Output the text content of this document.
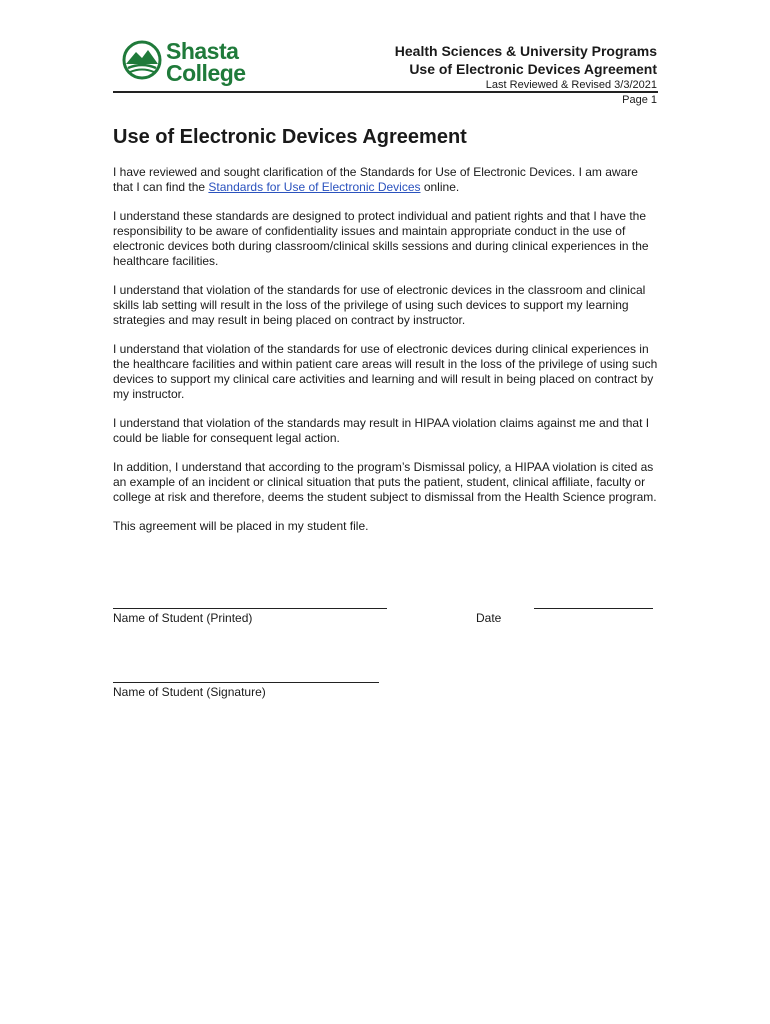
Shasta
College
Health Sciences & University Programs
Use of Electronic Devices Agreement
Last Reviewed & Revised 3/3/2021
Page 1
Use of Electronic Devices Agreement

I have reviewed and sought clarification of the Standards for Use of Electronic Devices. I am aware that I can find the Standards for Use of Electronic Devices online.

I understand these standards are designed to protect individual and patient rights and that I have the responsibility to be aware of confidentiality issues and maintain appropriate conduct in the use of electronic devices both during classroom/clinical skills sessions and during clinical experiences in the healthcare facilities.

I understand that violation of the standards for use of electronic devices in the classroom and clinical skills lab setting will result in the loss of the privilege of using such devices to support my learning strategies and may result in being placed on contract by instructor.

I understand that violation of the standards for use of electronic devices during clinical experiences in the healthcare facilities and within patient care areas will result in the loss of the privilege of using such devices to support my clinical care activities and learning and will result in being placed on contract by my instructor.

I understand that violation of the standards may result in HIPAA violation claims against me and that I could be liable for consequent legal action.

In addition, I understand that according to the program’s Dismissal policy, a HIPAA violation is cited as an example of an incident or clinical situation that puts the patient, student, clinical affiliate, faculty or college at risk and therefore, deems the student subject to dismissal from the Health Science program.

This agreement will be placed in my student file.

Name of Student (Printed)	Date
Name of Student (Signature)
